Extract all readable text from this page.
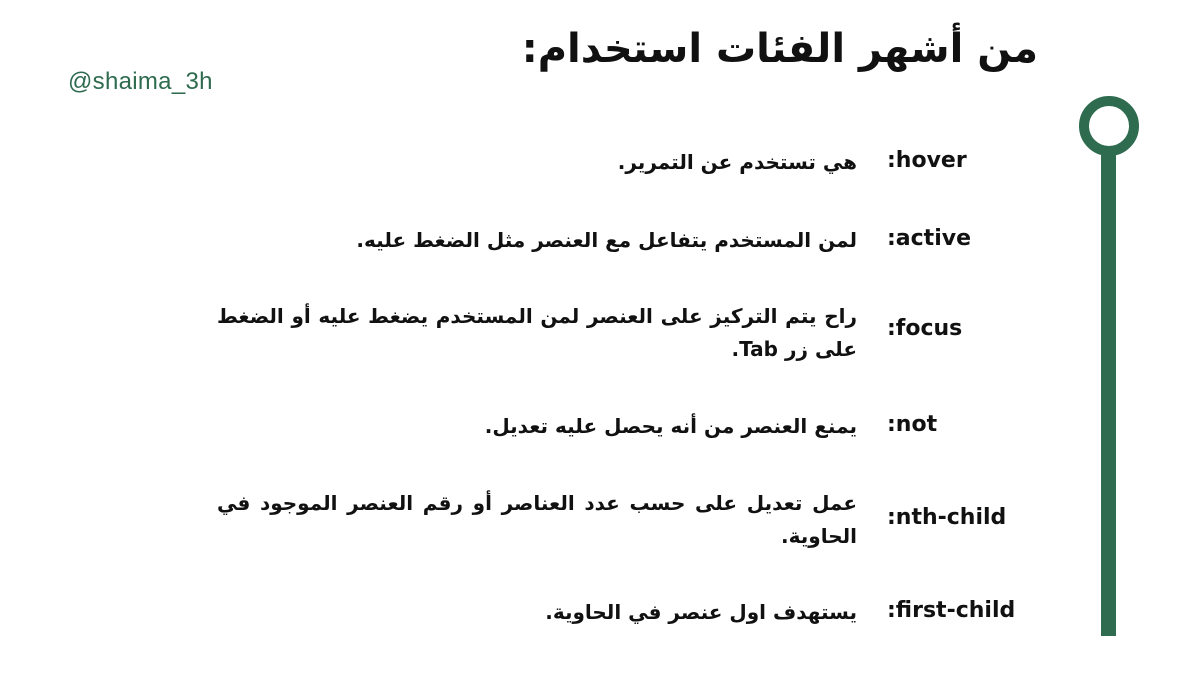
@shaima_3h
من أشهر الفئات استخدام:
:hover
هي تستخدم عن التمرير.
:active
لمن المستخدم يتفاعل مع العنصر مثل الضغط عليه.
:focus
راح يتم التركيز على العنصر لمن المستخدم يضغط عليه أو الضغط على زر Tab.
:not
يمنع العنصر من أنه يحصل عليه تعديل.
:nth-child
عمل تعديل على حسب عدد العناصر أو رقم العنصر الموجود في الحاوية.
:first-child
يستهدف اول عنصر في الحاوية.
